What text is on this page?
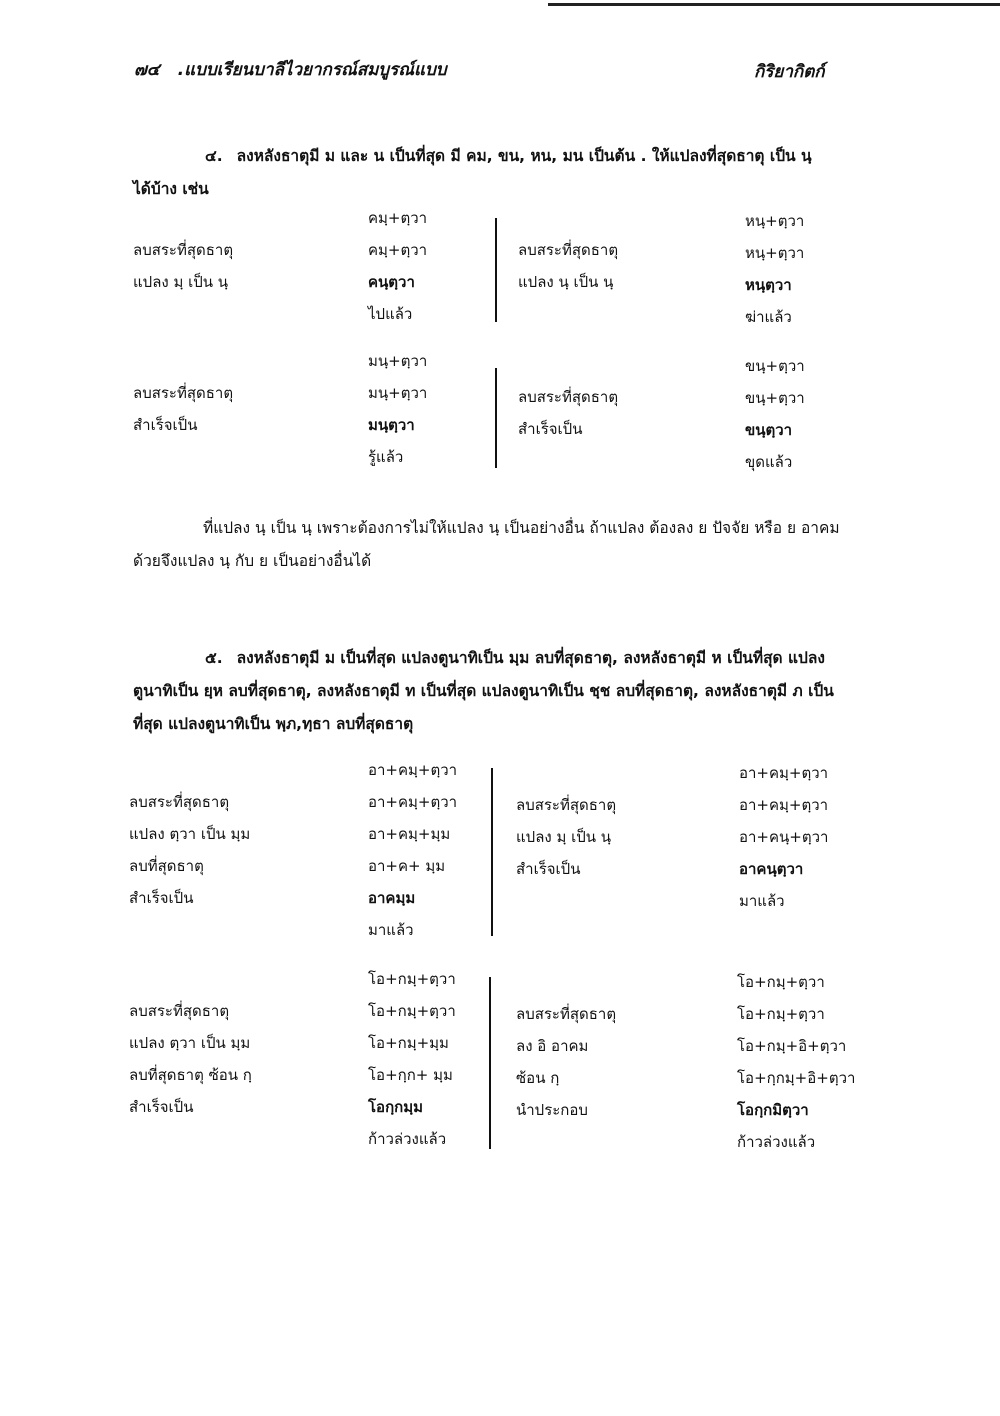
๗๔ .แบบเรียนบาลีไวยากรณ์สมบูรณ์แบบ	กิริยากิตก์
๔. ลงหลังธาตุมี ม และ น เป็นที่สุด มี คม, ขน, หน, มน เป็นต้น . ให้แปลงที่สุดธาตุ เป็น นฺ
ได้บ้าง เช่น
ลบสระที่สุดธาตุ
แปลง มฺ เป็น นฺ
คมฺ+ตฺวา
คมฺ+ตฺวา
คนฺตฺวา
ไปแล้ว
ลบสระที่สุดธาตุ
แปลง นฺ เป็น นฺ
หนฺ+ตฺวา
หนฺ+ตฺวา
หนฺตฺวา
ฆ่าแล้ว
ลบสระที่สุดธาตุ
สำเร็จเป็น
มนฺ+ตฺวา
มนฺ+ตฺวา
มนฺตฺวา
รู้แล้ว
ลบสระที่สุดธาตุ
สำเร็จเป็น
ขนฺ+ตฺวา
ขนฺ+ตฺวา
ขนฺตฺวา
ขุดแล้ว
ที่แปลง นฺ เป็น นฺ เพราะต้องการไม่ให้แปลง นฺ เป็นอย่างอื่น ถ้าแปลง ต้องลง ย ปัจจัย หรือ ย อาคม
ด้วยจึงแปลง นฺ กับ ย เป็นอย่างอื่นได้
๕. ลงหลังธาตุมี ม เป็นที่สุด แปลงตูนาทิเป็น มฺม ลบที่สุดธาตุ, ลงหลังธาตุมี ห เป็นที่สุด แปลง
ตูนาทิเป็น ยฺห ลบที่สุดธาตุ, ลงหลังธาตุมี ท เป็นที่สุด แปลงตูนาทิเป็น ชฺช ลบที่สุดธาตุ, ลงหลังธาตุมี ภ เป็น
ที่สุด แปลงตูนาทิเป็น พฺภ,ทฺธา ลบที่สุดธาตุ
ลบสระที่สุดธาตุ
แปลง ตฺวา เป็น มฺม
ลบที่สุดธาตุ
สำเร็จเป็น
อา+คมฺ+ตฺวา
อา+คมฺ+ตฺวา
อา+คมฺ+มฺม
อา+ค+ มฺม
อาคมฺม
มาแล้ว
ลบสระที่สุดธาตุ
แปลง มฺ เป็น นฺ
สำเร็จเป็น
อา+คมฺ+ตฺวา
อา+คมฺ+ตฺวา
อา+คนฺ+ตฺวา
อาคนฺตฺวา
มาแล้ว
ลบสระที่สุดธาตุ
แปลง ตฺวา เป็น มฺม
ลบที่สุดธาตุ ซ้อน กฺ
สำเร็จเป็น
โอ+กมฺ+ตฺวา
โอ+กมฺ+ตฺวา
โอ+กมฺ+มฺม
โอ+กฺก+ มฺม
โอกฺกมฺม
ก้าวล่วงแล้ว
ลบสระที่สุดธาตุ
ลง อิ อาคม
ซ้อน กฺ
นำประกอบ
โอ+กมฺ+ตฺวา
โอ+กมฺ+ตฺวา
โอ+กมฺ+อิ+ตฺวา
โอ+กฺกมฺ+อิ+ตฺวา
โอกฺกมิตฺวา
ก้าวล่วงแล้ว
